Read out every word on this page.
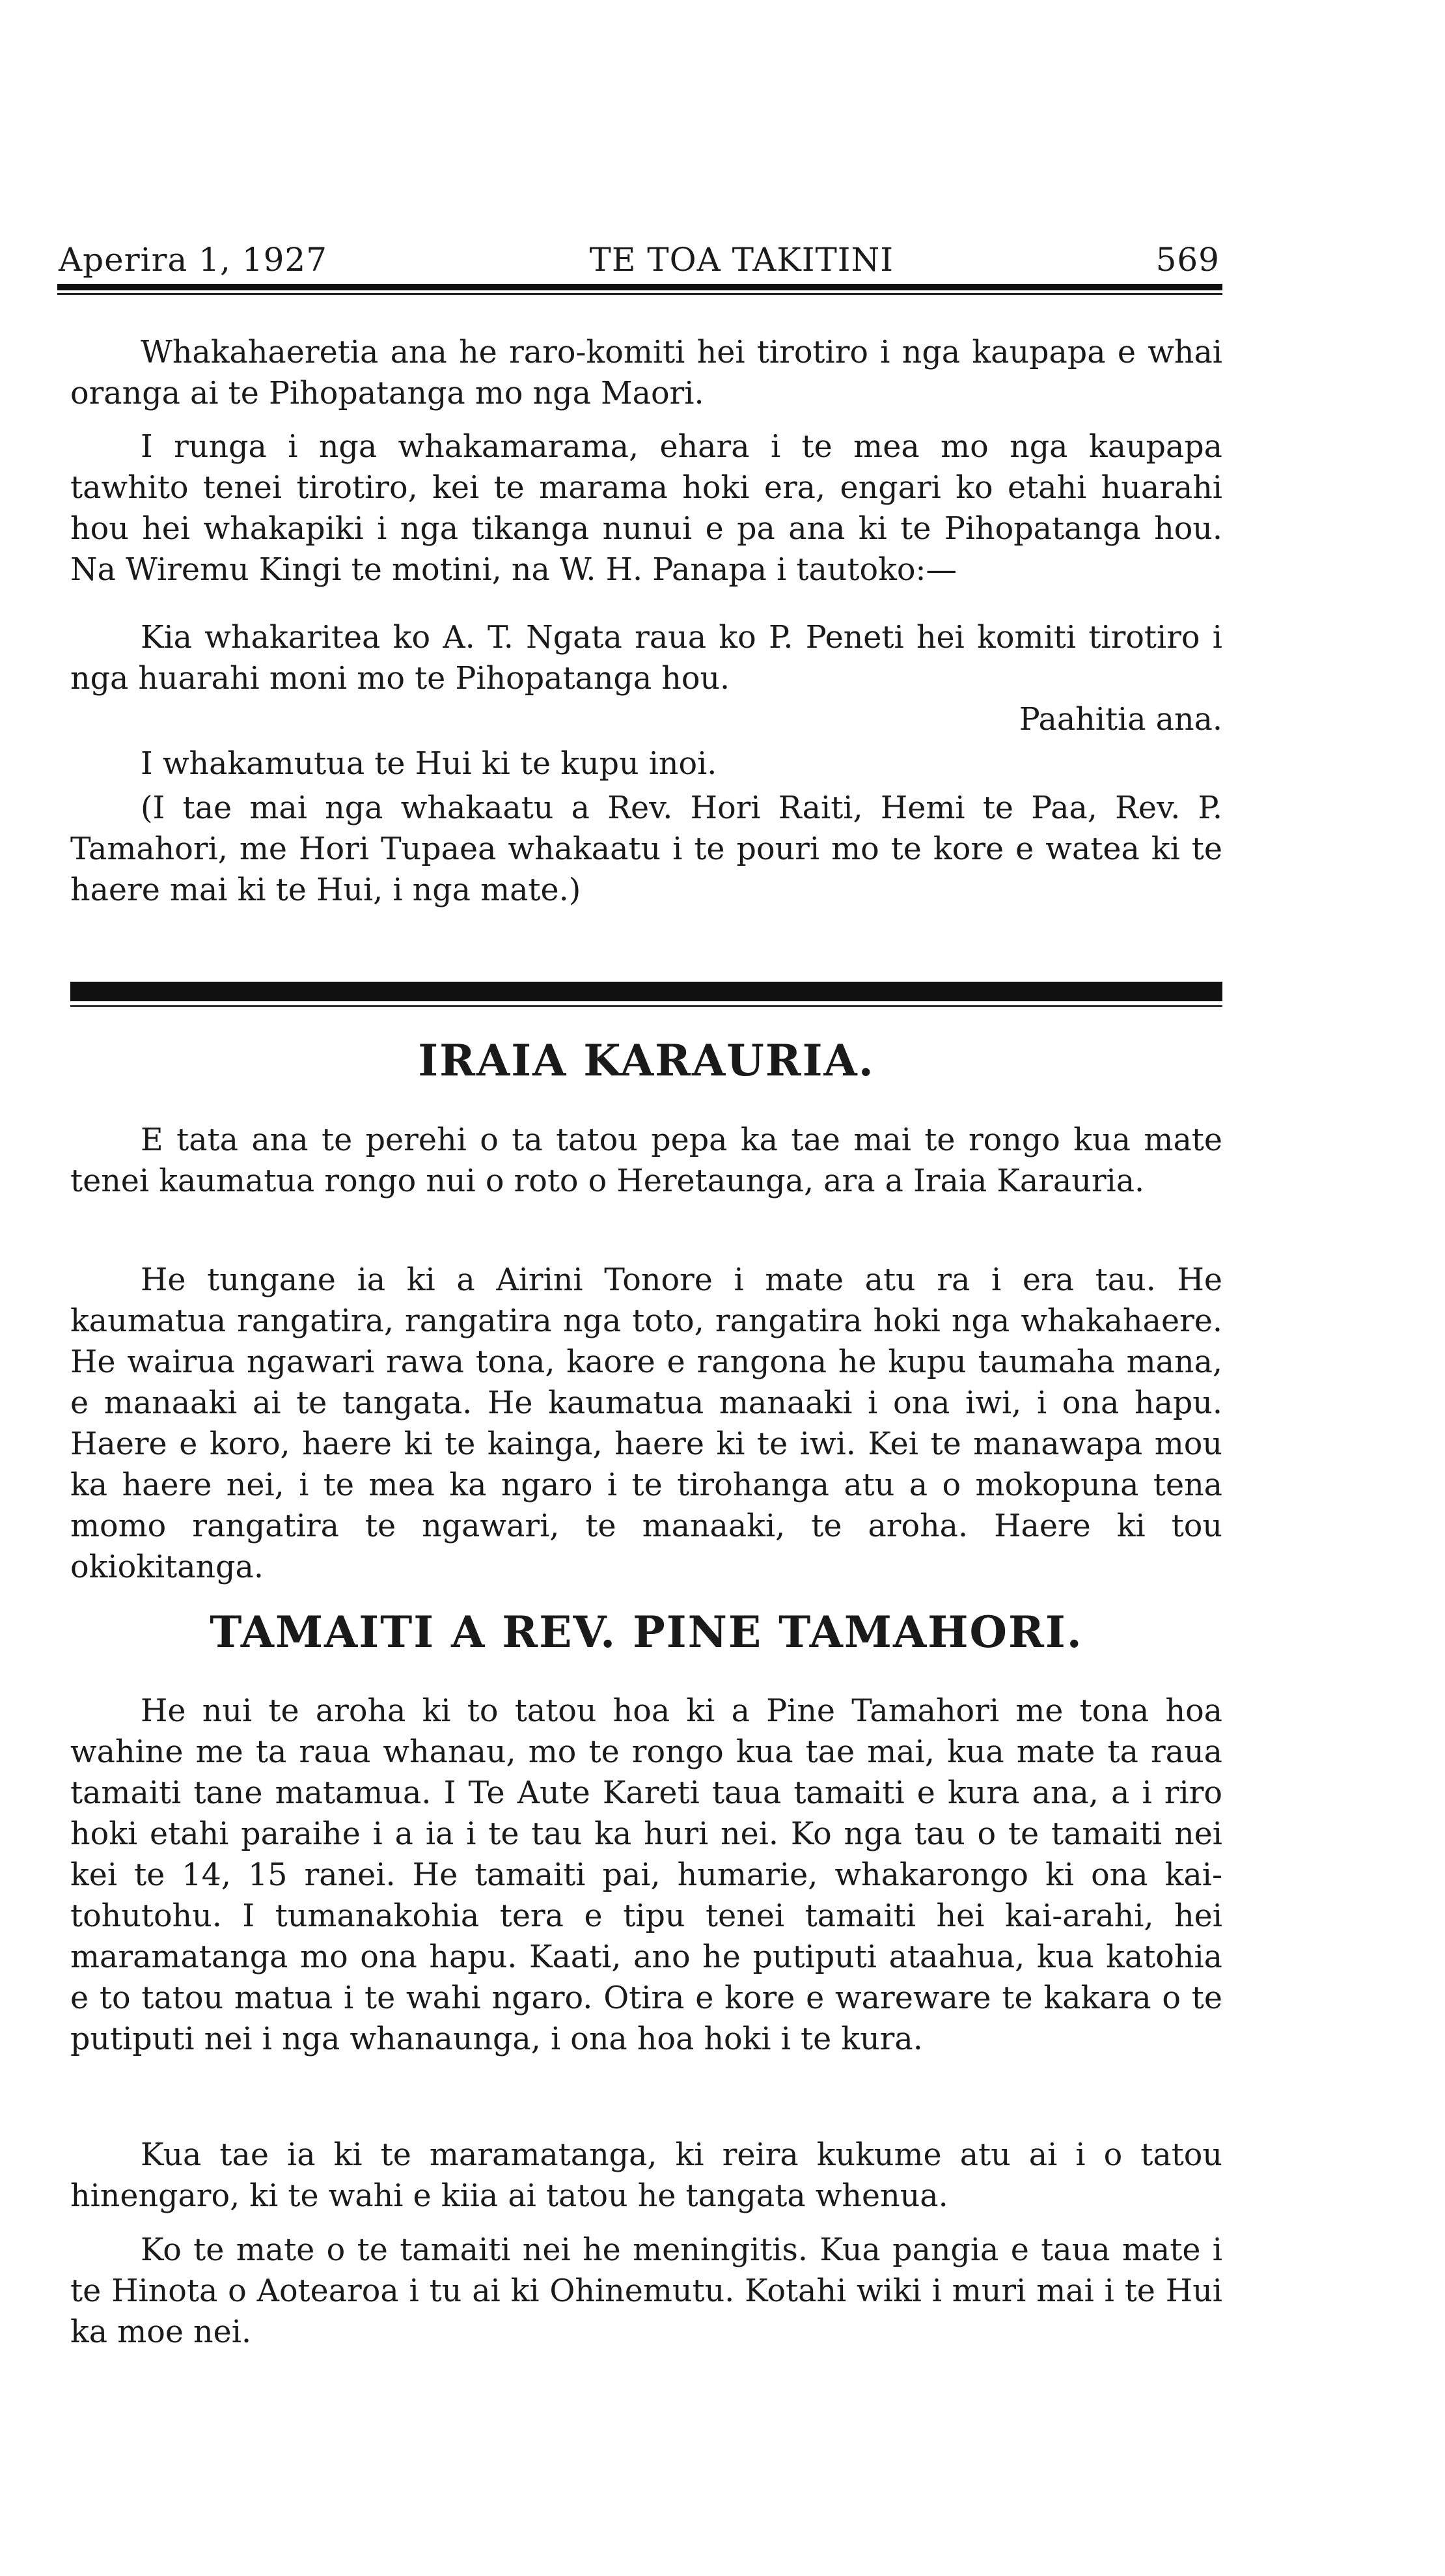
Aperira 1, 1927	TE TOA TAKITINI	569

Whakahaeretia ana he raro-komiti hei tirotiro i nga kaupapa e whai oranga ai te Pihopatanga mo nga Maori.

I runga i nga whakamarama, ehara i te mea mo nga kaupapa tawhito tenei tirotiro, kei te marama hoki era, engari ko etahi huarahi hou hei whakapiki i nga tikanga nunui e pa ana ki te Pihopatanga hou. Na Wiremu Kingi te motini, na W. H. Panapa i tautoko:—

Kia whakaritea ko A. T. Ngata raua ko P. Peneti hei komiti tirotiro i nga huarahi moni mo te Pihopatanga hou.

Paahitia ana.

I whakamutua te Hui ki te kupu inoi.

(I tae mai nga whakaatu a Rev. Hori Raiti, Hemi te Paa, Rev. P. Tamahori, me Hori Tupaea whakaatu i te pouri mo te kore e watea ki te haere mai ki te Hui, i nga mate.)

IRAIA KARAURIA.

E tata ana te perehi o ta tatou pepa ka tae mai te rongo kua mate tenei kaumatua rongo nui o roto o Heretaunga, ara a Iraia Karauria.

He tungane ia ki a Airini Tonore i mate atu ra i era tau. He kaumatua rangatira, rangatira nga toto, rangatira hoki nga whakahaere. He wairua ngawari rawa tona, kaore e rangona he kupu taumaha mana, e manaaki ai te tangata. He kaumatua manaaki i ona iwi, i ona hapu. Haere e koro, haere ki te kainga, haere ki te iwi. Kei te manawapa mou ka haere nei, i te mea ka ngaro i te tirohanga atu a o mokopuna tena momo rangatira te ngawari, te manaaki, te aroha. Haere ki tou okiokitanga.

TAMAITI A REV. PINE TAMAHORI.

He nui te aroha ki to tatou hoa ki a Pine Tamahori me tona hoa wahine me ta raua whanau, mo te rongo kua tae mai, kua mate ta raua tamaiti tane matamua. I Te Aute Kareti taua tamaiti e kura ana, a i riro hoki etahi paraihe i a ia i te tau ka huri nei. Ko nga tau o te tamaiti nei kei te 14, 15 ranei. He tamaiti pai, humarie, whakarongo ki ona kai-tohutohu. I tumanakohia tera e tipu tenei tamaiti hei kai-arahi, hei maramatanga mo ona hapu. Kaati, ano he putiputi ataahua, kua katohia e to tatou matua i te wahi ngaro. Otira e kore e wareware te kakara o te putiputi nei i nga whanaunga, i ona hoa hoki i te kura.

Kua tae ia ki te maramatanga, ki reira kukume atu ai i o tatou hinengaro, ki te wahi e kiia ai tatou he tangata whenua.

Ko te mate o te tamaiti nei he meningitis. Kua pangia e taua mate i te Hinota o Aotearoa i tu ai ki Ohinemutu. Kotahi wiki i muri mai i te Hui ka moe nei.
